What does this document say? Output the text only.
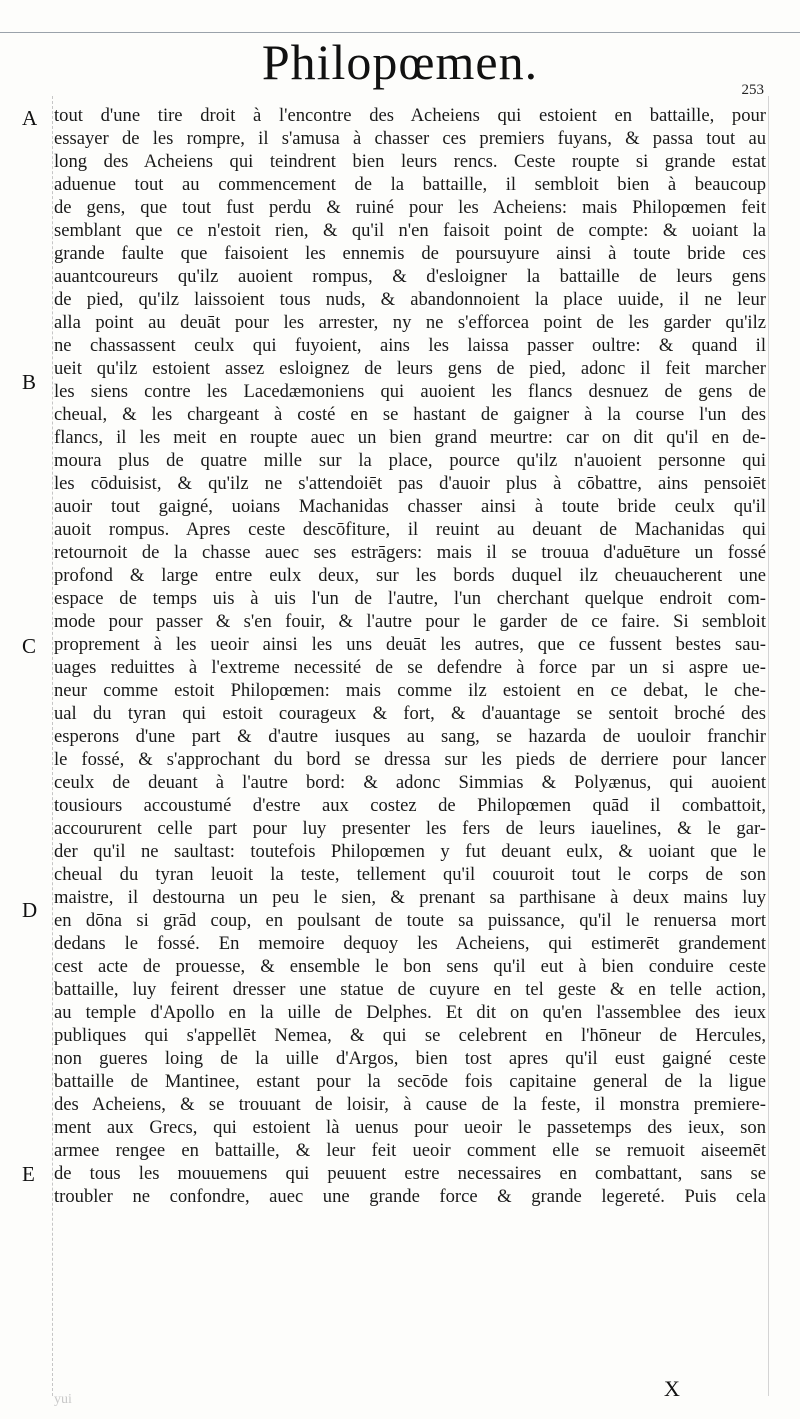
Philopœmen.	253
A
B
C
D
E
tout d'une tire droit à l'encontre des Acheiens qui estoient en battaille, pour
essayer de les rompre, il s'amusa à chasser ces premiers fuyans, & passa tout au
long des Acheiens qui teindrent bien leurs rencs. Ceste roupte si grande estat
aduenue tout au commencement de la battaille, il sembloit bien à beaucoup
de gens, que tout fust perdu & ruiné pour les Acheiens: mais Philopœmen feit
semblant que ce n'estoit rien, & qu'il n'en faisoit point de compte: & uoiant la
grande faulte que faisoient les ennemis de poursuyure ainsi à toute bride ces
auantcoureurs qu'ilz auoient rompus, & d'esloigner la battaille de leurs gens
de pied, qu'ilz laissoient tous nuds, & abandonnoient la place uuide, il ne leur
alla point au deuāt pour les arrester, ny ne s'efforcea point de les garder qu'ilz
ne chassassent ceulx qui fuyoient, ains les laissa passer oultre: & quand il
ueit qu'ilz estoient assez esloignez de leurs gens de pied, adonc il feit marcher
les siens contre les Lacedæmoniens qui auoient les flancs desnuez de gens de
cheual, & les chargeant à costé en se hastant de gaigner à la course l'un des
flancs, il les meit en roupte auec un bien grand meurtre: car on dit qu'il en de-
moura plus de quatre mille sur la place, pource qu'ilz n'auoient personne qui
les cōduisist, & qu'ilz ne s'attendoiēt pas d'auoir plus à cōbattre, ains pensoiēt
auoir tout gaigné, uoians Machanidas chasser ainsi à toute bride ceulx qu'il
auoit rompus. Apres ceste descōfiture, il reuint au deuant de Machanidas qui
retournoit de la chasse auec ses estrāgers: mais il se trouua d'aduēture un fossé
profond & large entre eulx deux, sur les bords duquel ilz cheuaucherent une
espace de temps uis à uis l'un de l'autre, l'un cherchant quelque endroit com-
mode pour passer & s'en fouir, & l'autre pour le garder de ce faire. Si sembloit
proprement à les ueoir ainsi les uns deuāt les autres, que ce fussent bestes sau-
uages reduittes à l'extreme necessité de se defendre à force par un si aspre ue-
neur comme estoit Philopœmen: mais comme ilz estoient en ce debat, le che-
ual du tyran qui estoit courageux & fort, & d'auantage se sentoit broché des
esperons d'une part & d'autre iusques au sang, se hazarda de uouloir franchir
le fossé, & s'approchant du bord se dressa sur les pieds de derriere pour lancer
ceulx de deuant à l'autre bord: & adonc Simmias & Polyænus, qui auoient
tousiours accoustumé d'estre aux costez de Philopœmen quād il combattoit,
accoururent celle part pour luy presenter les fers de leurs iauelines, & le gar-
der qu'il ne saultast: toutefois Philopœmen y fut deuant eulx, & uoiant que le
cheual du tyran leuoit la teste, tellement qu'il couuroit tout le corps de son
maistre, il destourna un peu le sien, & prenant sa parthisane à deux mains luy
en dōna si grād coup, en poulsant de toute sa puissance, qu'il le renuersa mort
dedans le fossé. En memoire dequoy les Acheiens, qui estimerēt grandement
cest acte de prouesse, & ensemble le bon sens qu'il eut à bien conduire ceste
battaille, luy feirent dresser une statue de cuyure en tel geste & en telle action,
au temple d'Apollo en la uille de Delphes. Et dit on qu'en l'assemblee des ieux
publiques qui s'appellēt Nemea, & qui se celebrent en l'hōneur de Hercules,
non gueres loing de la uille d'Argos, bien tost apres qu'il eust gaigné ceste
battaille de Mantinee, estant pour la secōde fois capitaine general de la ligue
des Acheiens, & se trouuant de loisir, à cause de la feste, il monstra premiere-
ment aux Grecs, qui estoient là uenus pour ueoir le passetemps des ieux, son
armee rengee en battaille, & leur feit ueoir comment elle se remuoit aiseemēt
de tous les mouuemens qui peuuent estre necessaires en combattant, sans se
troubler ne confondre, auec une grande force & grande legereté. Puis cela
X
yui
